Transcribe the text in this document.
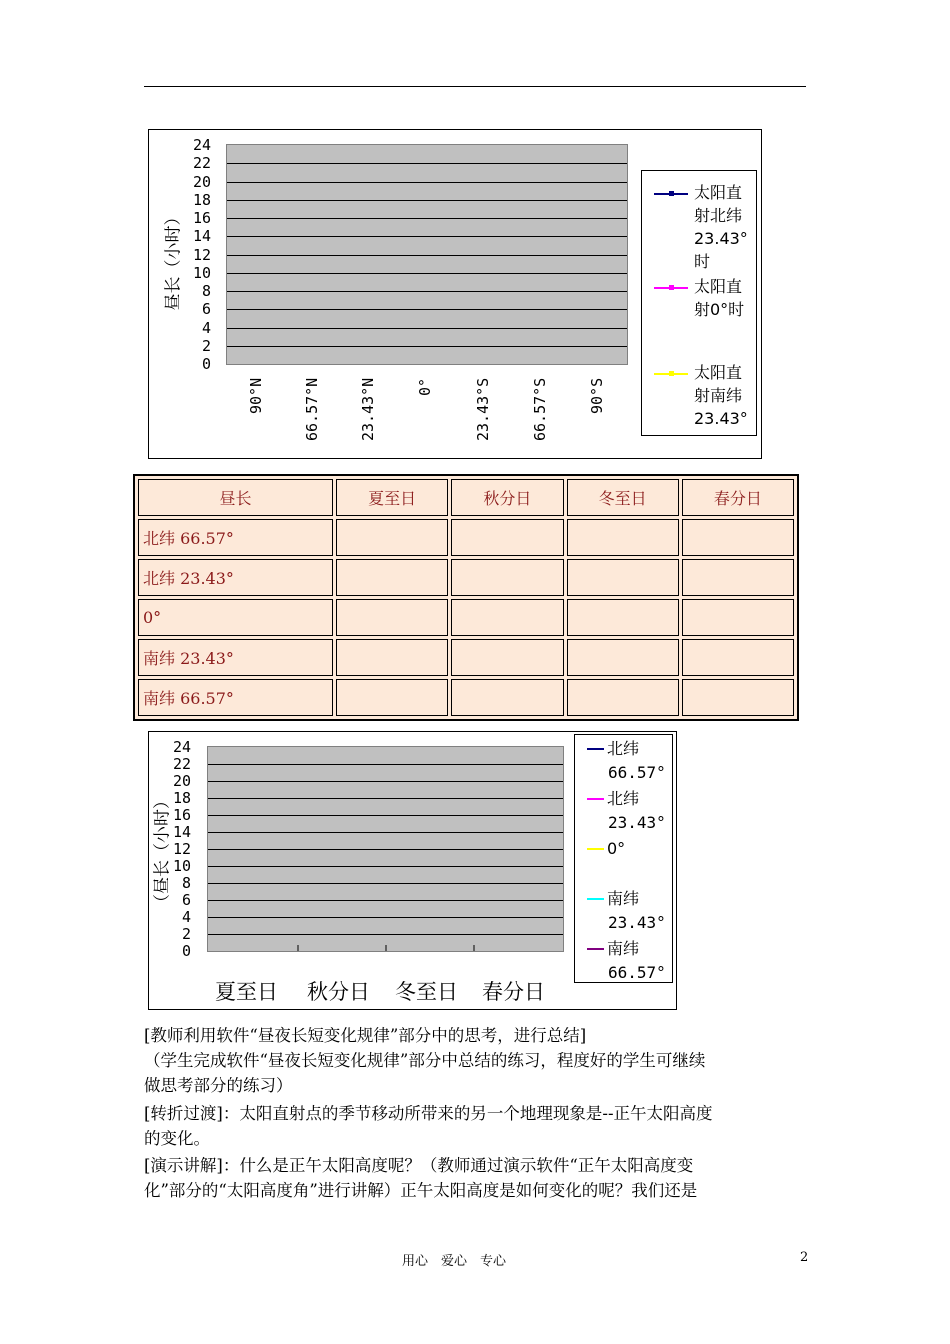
昼长（小时）
太阳直
射北纬
23.43°
时
太阳直
射0°时
太阳直
射南纬
23.43°
24
22
20
18
16
14
12
10
8
6
4
2
0
90°N	66.57°N	23.43°N	0°	23.43°S	66.57°S	90°S
昼长	夏至日	秋分日	冬至日	春分日
北纬 66.57°				
北纬 23.43°				
0°				
南纬 23.43°				
南纬 66.57°				
（昼长（小时）
北纬
66.57°
北纬
23.43°
0°
南纬
23.43°
南纬
66.57°
24
22
20
18
16
14
12
10
8
6
4
2
0
夏至日 秋分日 冬至日 春分日
[教师利用软件“昼夜长短变化规律”部分中的思考，进行总结]
（学生完成软件“昼夜长短变化规律”部分中总结的练习，程度好的学生可继续
做思考部分的练习）
[转折过渡]：太阳直射点的季节移动所带来的另一个地理现象是--正午太阳高度
的变化。
[演示讲解]：什么是正午太阳高度呢？（教师通过演示软件“正午太阳高度变
化”部分的“太阳高度角”进行讲解）正午太阳高度是如何变化的呢？我们还是
用心　爱心　专心	2
